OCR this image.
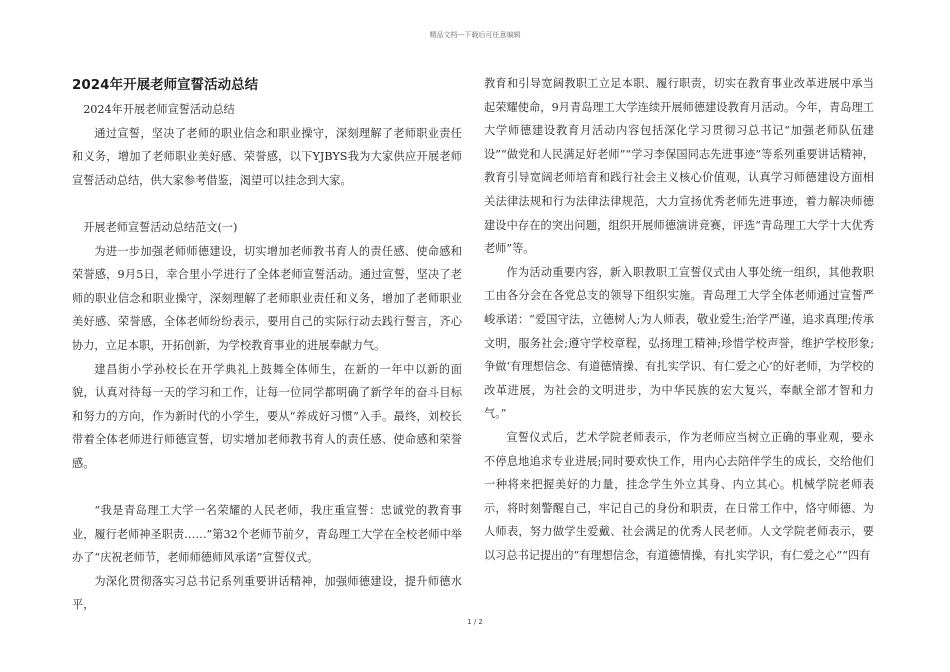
精品文档---下载后可任意编辑
2024年开展老师宣誓活动总结

2024年开展老师宣誓活动总结

通过宣誓，坚决了老师的职业信念和职业操守，深刻理解了老师职业责任和义务，增加了老师职业美好感、荣誉感，以下YJBYS我为大家供应开展老师宣誓活动总结，供大家参考借鉴，渴望可以挂念到大家。

开展老师宣誓活动总结范文(一)

为进一步加强老师师德建设，切实增加老师教书育人的责任感、使命感和荣誉感，9月5日，幸合里小学进行了全体老师宣誓活动。通过宣誓，坚决了老师的职业信念和职业操守，深刻理解了老师职业责任和义务，增加了老师职业美好感、荣誉感，全体老师纷纷表示，要用自己的实际行动去践行誓言，齐心协力，立足本职，开拓创新，为学校教育事业的进展奉献力气。

建昌街小学孙校长在开学典礼上鼓舞全体师生，在新的一年中以新的面貌，认真对待每一天的学习和工作，让每一位同学都明确了新学年的奋斗目标和努力的方向，作为新时代的小学生，要从“养成好习惯”入手。最终，刘校长带着全体老师进行师德宣誓，切实增加老师教书育人的责任感、使命感和荣誉感。

“我是青岛理工大学一名荣耀的人民老师，我庄重宣誓：忠诚党的教育事业，履行老师神圣职责……”第32个老师节前夕，青岛理工大学在全校老师中举办了“庆祝老师节，老师师德师风承诺”宣誓仪式。

为深化贯彻落实习总书记系列重要讲话精神，加强师德建设，提升师德水平，

教育和引导宽阔教职工立足本职、履行职责，切实在教育事业改革进展中承当起荣耀使命，9月青岛理工大学连续开展师德建设教育月活动。今年，青岛理工大学师德建设教育月活动内容包括深化学习贯彻习总书记“加强老师队伍建设”“做党和人民满足好老师”“学习李保国同志先进事迹”等系列重要讲话精神，教育引导宽阔老师培育和践行社会主义核心价值观，认真学习师德建设方面相关法律法规和行为法律法律规范，大力宣扬优秀老师先进事迹，着力解决师德建设中存在的突出问题，组织开展师德演讲竞赛，评选“青岛理工大学十大优秀老师”等。

作为活动重要内容，新入职教职工宣誓仪式由人事处统一组织，其他教职工由各分会在各党总支的领导下组织实施。青岛理工大学全体老师通过宣誓严峻承诺：“爱国守法，立德树人;为人师表，敬业爱生;治学严谨，追求真理;传承文明，服务社会;遵守学校章程，弘扬理工精神;珍惜学校声誉，维护学校形象;争做‘有理想信念、有道德情操、有扎实学识、有仁爱之心’的好老师，为学校的改革进展，为社会的文明进步，为中华民族的宏大复兴，奉献全部才智和力气。”

宣誓仪式后，艺术学院老师表示，作为老师应当树立正确的事业观，要永不停息地追求专业进展;同时要欢快工作，用内心去陪伴学生的成长，交给他们一种将来把握美好的力量，挂念学生外立其身、内立其心。机械学院老师表示，将时刻警醒自己，牢记自己的身份和职责，在日常工作中，恪守师德、为人师表，努力做学生爱戴、社会满足的优秀人民老师。人文学院老师表示，要以习总书记提出的“有理想信念，有道德情操，有扎实学识，有仁爱之心”“四有

1 / 2
